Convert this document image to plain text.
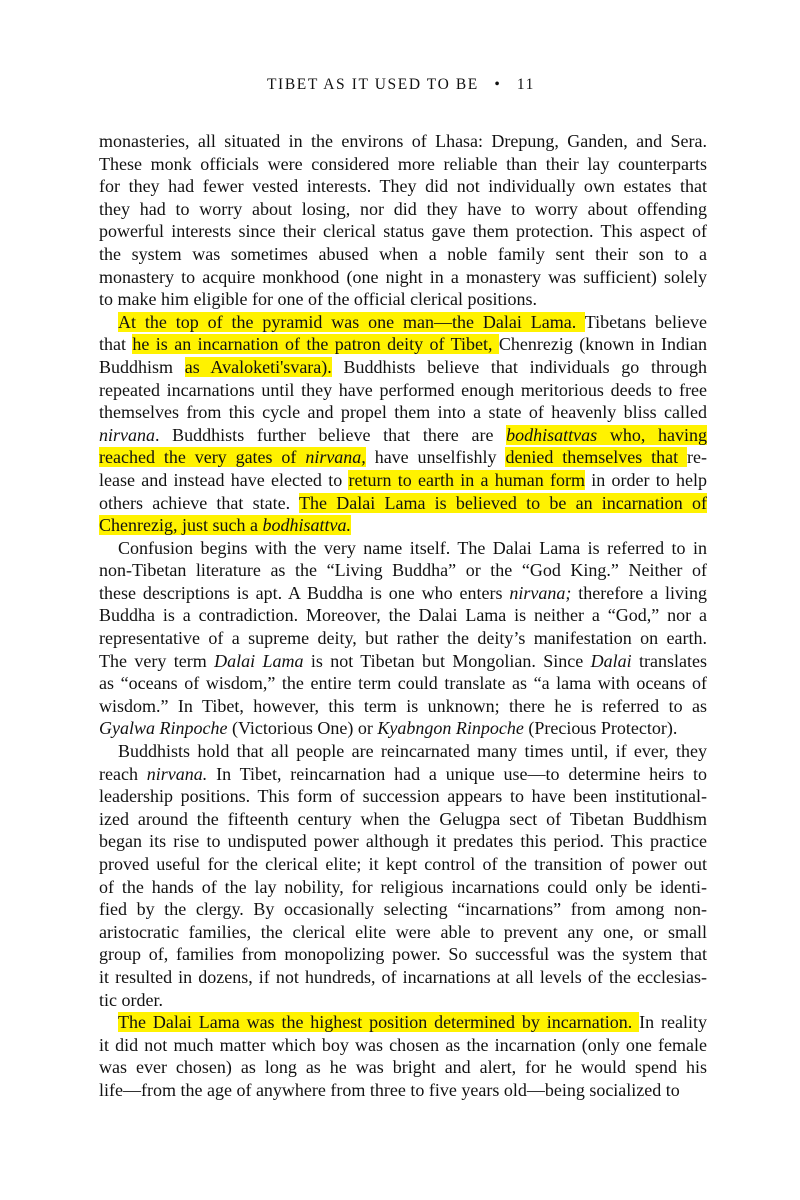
TIBET AS IT USED TO BE • 11
monasteries, all situated in the environs of Lhasa: Drepung, Ganden, and Sera.
These monk officials were considered more reliable than their lay counterparts
for they had fewer vested interests. They did not individually own estates that
they had to worry about losing, nor did they have to worry about offending
powerful interests since their clerical status gave them protection. This aspect of
the system was sometimes abused when a noble family sent their son to a
monastery to acquire monkhood (one night in a monastery was sufficient) solely
to make him eligible for one of the official clerical positions.
At the top of the pyramid was one man—the Dalai Lama. Tibetans believe
that he is an incarnation of the patron deity of Tibet, Chenrezig (known in Indian
Buddhism as Avaloketi'svara). Buddhists believe that individuals go through
repeated incarnations until they have performed enough meritorious deeds to free
themselves from this cycle and propel them into a state of heavenly bliss called
nirvana. Buddhists further believe that there are bodhisattvas who, having
reached the very gates of nirvana, have unselfishly denied themselves that re-
lease and instead have elected to return to earth in a human form in order to help
others achieve that state. The Dalai Lama is believed to be an incarnation of
Chenrezig, just such a bodhisattva.
Confusion begins with the very name itself. The Dalai Lama is referred to in
non-Tibetan literature as the “Living Buddha” or the “God King.” Neither of
these descriptions is apt. A Buddha is one who enters nirvana; therefore a living
Buddha is a contradiction. Moreover, the Dalai Lama is neither a “God,” nor a
representative of a supreme deity, but rather the deity’s manifestation on earth.
The very term Dalai Lama is not Tibetan but Mongolian. Since Dalai translates
as “oceans of wisdom,” the entire term could translate as “a lama with oceans of
wisdom.” In Tibet, however, this term is unknown; there he is referred to as
Gyalwa Rinpoche (Victorious One) or Kyabngon Rinpoche (Precious Protector).
Buddhists hold that all people are reincarnated many times until, if ever, they
reach nirvana. In Tibet, reincarnation had a unique use—to determine heirs to
leadership positions. This form of succession appears to have been institutional-
ized around the fifteenth century when the Gelugpa sect of Tibetan Buddhism
began its rise to undisputed power although it predates this period. This practice
proved useful for the clerical elite; it kept control of the transition of power out
of the hands of the lay nobility, for religious incarnations could only be identi-
fied by the clergy. By occasionally selecting “incarnations” from among non-
aristocratic families, the clerical elite were able to prevent any one, or small
group of, families from monopolizing power. So successful was the system that
it resulted in dozens, if not hundreds, of incarnations at all levels of the ecclesias-
tic order.
The Dalai Lama was the highest position determined by incarnation. In reality
it did not much matter which boy was chosen as the incarnation (only one female
was ever chosen) as long as he was bright and alert, for he would spend his
life—from the age of anywhere from three to five years old—being socialized to
